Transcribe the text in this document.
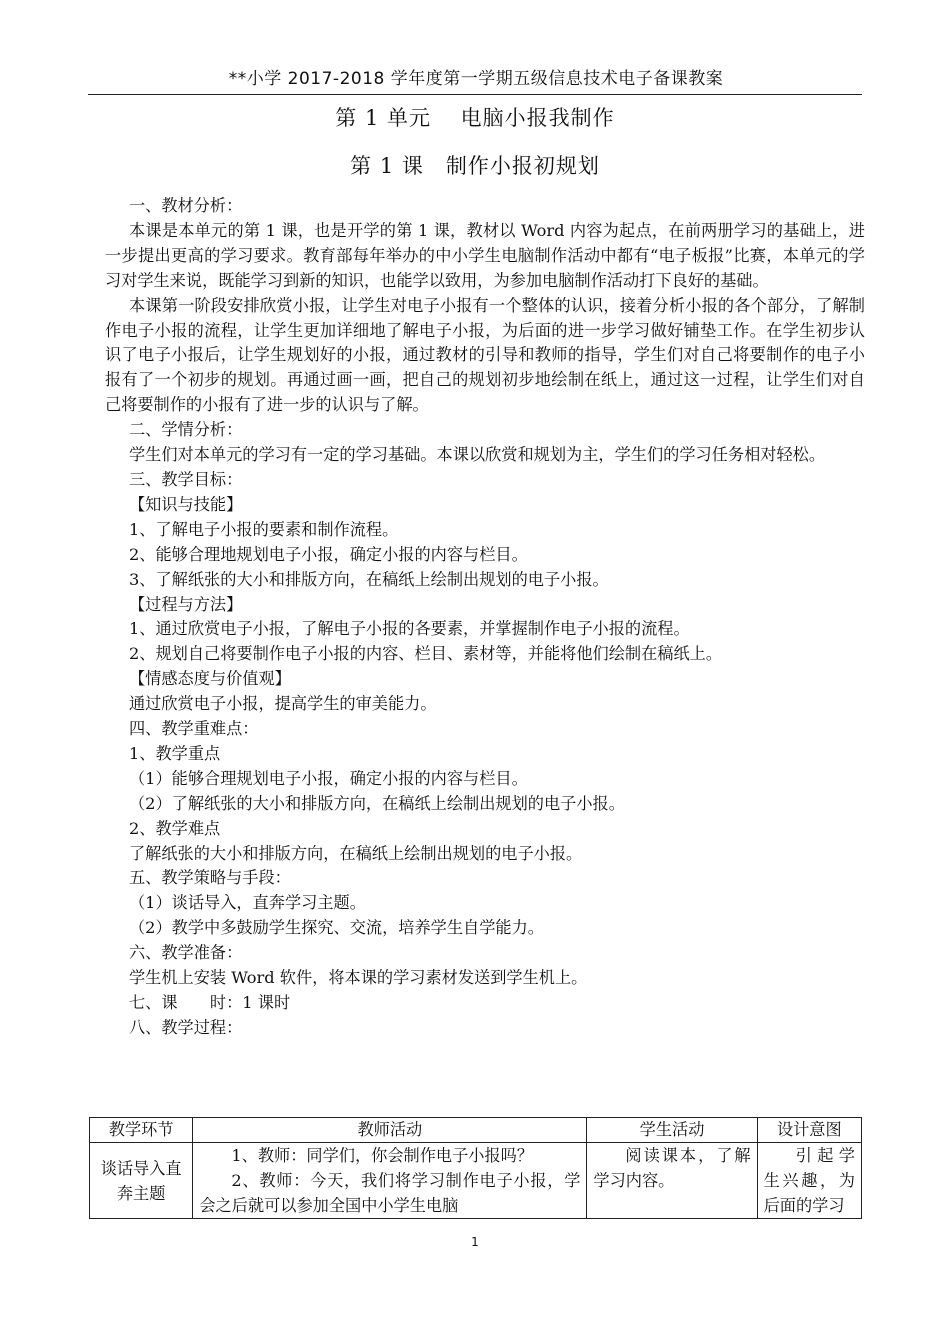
**小学 2017-2018 学年度第一学期五级信息技术电子备课教案
第 1 单元　 电脑小报我制作
第 1 课　制作小报初规划

一、教材分析：

本课是本单元的第 1 课，也是开学的第 1 课，教材以 Word 内容为起点，在前两册学习的基础上，进一步提出更高的学习要求。教育部每年举办的中小学生电脑制作活动中都有“电子板报”比赛，本单元的学习对学生来说，既能学习到新的知识，也能学以致用，为参加电脑制作活动打下良好的基础。

本课第一阶段安排欣赏小报，让学生对电子小报有一个整体的认识，接着分析小报的各个部分，了解制作电子小报的流程，让学生更加详细地了解电子小报，为后面的进一步学习做好铺垫工作。在学生初步认识了电子小报后，让学生规划好的小报，通过教材的引导和教师的指导，学生们对自己将要制作的电子小报有了一个初步的规划。再通过画一画，把自己的规划初步地绘制在纸上，通过这一过程，让学生们对自己将要制作的小报有了进一步的认识与了解。

二、学情分析：

学生们对本单元的学习有一定的学习基础。本课以欣赏和规划为主，学生们的学习任务相对轻松。

三、教学目标：

【知识与技能】

1、了解电子小报的要素和制作流程。

2、能够合理地规划电子小报，确定小报的内容与栏目。

3、了解纸张的大小和排版方向，在稿纸上绘制出规划的电子小报。

【过程与方法】

1、通过欣赏电子小报，了解电子小报的各要素，并掌握制作电子小报的流程。

2、规划自己将要制作电子小报的内容、栏目、素材等，并能将他们绘制在稿纸上。

【情感态度与价值观】

通过欣赏电子小报，提高学生的审美能力。

四、教学重难点：

1、教学重点

（1）能够合理规划电子小报，确定小报的内容与栏目。

（2）了解纸张的大小和排版方向，在稿纸上绘制出规划的电子小报。

2、教学难点

了解纸张的大小和排版方向，在稿纸上绘制出规划的电子小报。

五、教学策略与手段：

（1）谈话导入，直奔学习主题。

（2）教学中多鼓励学生探究、交流，培养学生自学能力。

六、教学准备：

学生机上安装 Word 软件，将本课的学习素材发送到学生机上。

七、课　　时：1 课时

八、教学过程：

教学环节	教师活动	学生活动	设计意图

谈话导入直奔主题	1、教师：同学们，你会制作电子小报吗？
2、教师：今天，我们将学习制作电子小报，学会之后就可以参加全国中小学生电脑	阅读课本，了解学习内容。	引起学生兴趣，为后面的学习
1
